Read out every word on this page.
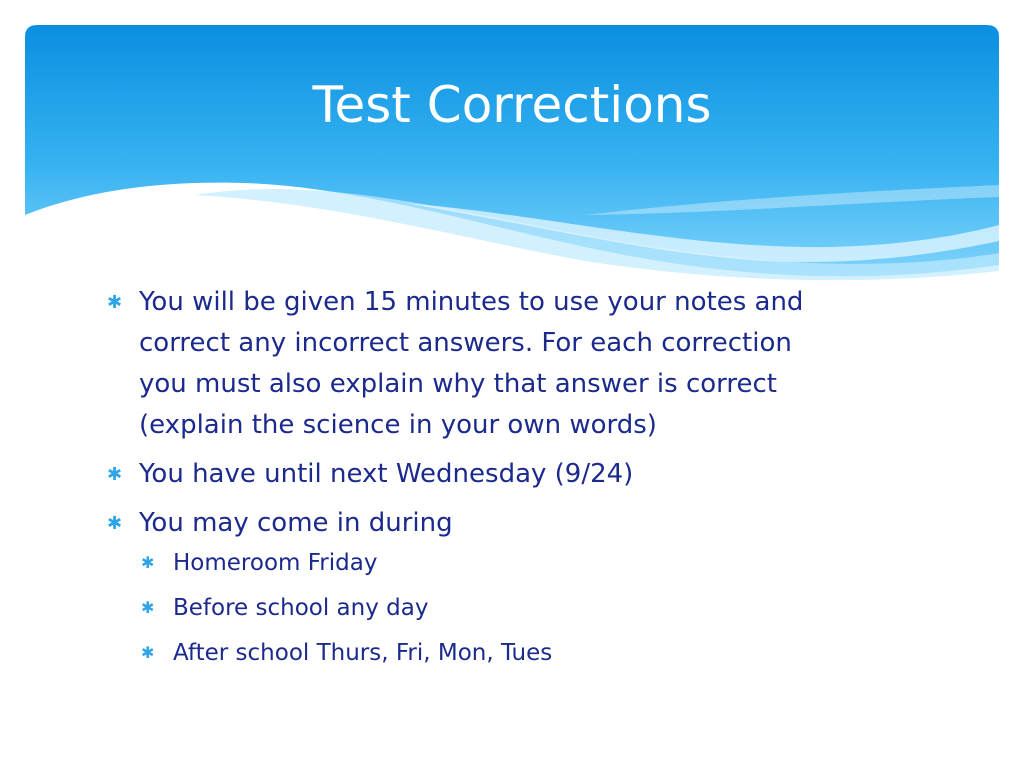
Test Corrections
✱ You will be given 15 minutes to use your notes and
correct any incorrect answers. For each correction
you must also explain why that answer is correct
(explain the science in your own words)
✱ You have until next Wednesday (9/24)
✱ You may come in during
✱ Homeroom Friday
✱ Before school any day
✱ After school Thurs, Fri, Mon, Tues
